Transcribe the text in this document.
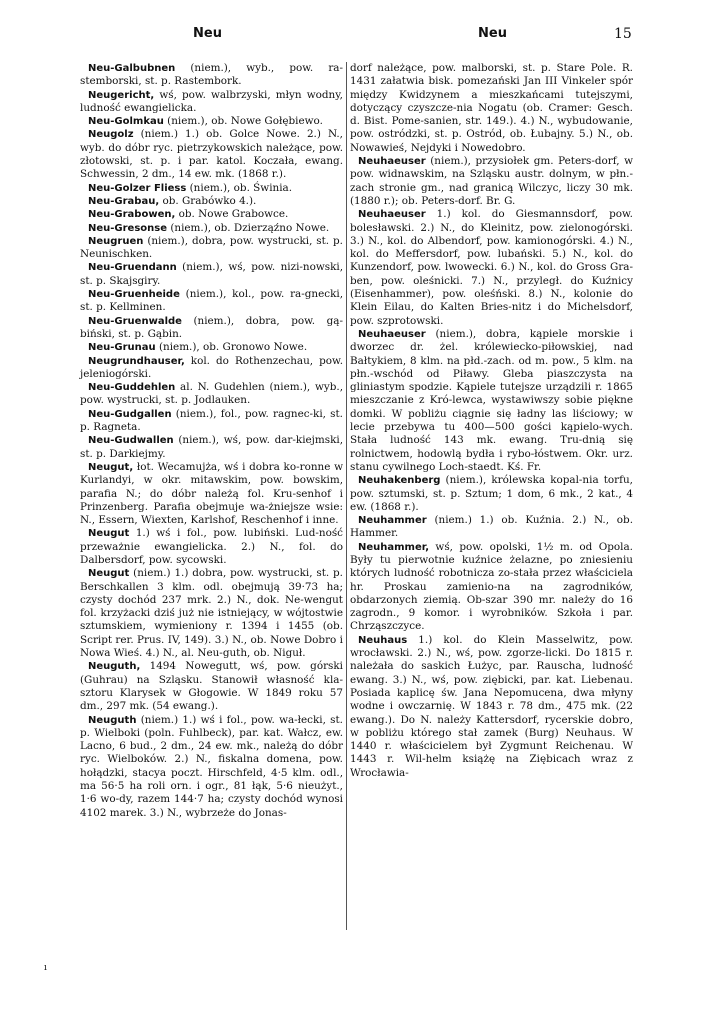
Neu	Neu	15

Neu-Galbubnen (niem.), wyb., pow. ra-stemborski, st. p. Rastembork.

Neugericht, wś, pow. walbrzyski, młyn wodny, ludność ewangielicka.

Neu-Golmkau (niem.), ob. Nowe Gołębiewo.

Neugolz (niem.) 1.) ob. Golce Nowe. 2.) N., wyb. do dóbr ryc. pietrzykowskich należące, pow. złotowski, st. p. i par. katol. Koczała, ewang. Schwessin, 2 dm., 14 ew. mk. (1868 r.).

Neu-Golzer Fliess (niem.), ob. Świnia.

Neu-Grabau, ob. Grabówko 4.).

Neu-Grabowen, ob. Nowe Grabowce.

Neu-Gresonse (niem.), ob. Dzierząźno Nowe.

Neugruen (niem.), dobra, pow. wystrucki, st. p. Neunischken.

Neu-Gruendann (niem.), wś, pow. nizi-nowski, st. p. Skajsgiry.

Neu-Gruenheide (niem.), kol., pow. ra-gnecki, st. p. Kellminen.

Neu-Gruenwalde (niem.), dobra, pow. gą-biński, st. p. Gąbin.

Neu-Grunau (niem.), ob. Gronowo Nowe.

Neugrundhauser, kol. do Rothenzechau, pow. jeleniogórski.

Neu-Guddehlen al. N. Gudehlen (niem.), wyb., pow. wystrucki, st. p. Jodlauken.

Neu-Gudgallen (niem.), fol., pow. ragnec-ki, st. p. Ragneta.

Neu-Gudwallen (niem.), wś, pow. dar-kiejmski, st. p. Darkiejmy.

Neugut, łot. Wecamujża, wś i dobra ko-ronne w Kurlandyi, w okr. mitawskim, pow. bowskim, parafia N.; do dóbr należą fol. Kru-senhof i Prinzenberg. Parafia obejmuje wa-żniejsze wsie: N., Essern, Wiexten, Karlshof, Reschenhof i inne.

Neugut 1.) wś i fol., pow. lubiński. Lud-ność przeważnie ewangielicka. 2.) N., fol. do Dalbersdorf, pow. sycowski.

Neugut (niem.) 1.) dobra, pow. wystrucki, st. p. Berschkallen 3 klm. odl. obejmują 39·73 ha; czysty dochód 237 mrk. 2.) N., dok. Ne-wengut fol. krzyżacki dziś już nie istniejący, w wójtostwie sztumskiem, wymieniony r. 1394 i 1455 (ob. Script rer. Prus. IV, 149). 3.) N., ob. Nowe Dobro i Nowa Wieś. 4.) N., al. Neu-guth, ob. Niguł.

Neuguth, 1494 Nowegutt, wś, pow. górski (Guhrau) na Szląsku. Stanowił własność kla-sztoru Klarysek w Głogowie. W 1849 roku 57 dm., 297 mk. (54 ewang.).

Neuguth (niem.) 1.) wś i fol., pow. wa-łecki, st. p. Wielboki (poln. Fuhlbeck), par. kat. Wałcz, ew. Lacno, 6 bud., 2 dm., 24 ew. mk., należą do dóbr ryc. Wielboków. 2.) N., fiskalna domena, pow. hołądzki, stacya poczt. Hirschfeld, 4·5 klm. odl., ma 56·5 ha roli orn. i ogr., 81 łąk, 5·6 nieużyt., 1·6 wo-dy, razem 144·7 ha; czysty dochód wynosi 4102 marek. 3.) N., wybrzeże do Jonas-

dorf należące, pow. malborski, st. p. Stare Pole. R. 1431 załatwia bisk. pomezański Jan III Vinkeler spór między Kwidzynem a mieszkańcami tutejszymi, dotyczący czyszcze-nia Nogatu (ob. Cramer: Gesch. d. Bist. Pome-sanien, str. 149.). 4.) N., wybudowanie, pow. ostródzki, st. p. Ostród, ob. Łubajny. 5.) N., ob. Nowawieś, Nejdyki i Nowedobro.

Neuhaeuser (niem.), przysiołek gm. Peters-dorf, w pow. widnawskim, na Szląsku austr. dolnym, w płn.-zach stronie gm., nad granicą Wilczyc, liczy 30 mk. (1880 r.); ob. Peters-dorf. Br. G.

Neuhaeuser 1.) kol. do Giesmannsdorf, pow. bolesławski. 2.) N., do Kleinitz, pow. zielonogórski. 3.) N., kol. do Albendorf, pow. kamionogórski. 4.) N., kol. do Meffersdorf, pow. lubański. 5.) N., kol. do Kunzendorf, pow. lwowecki. 6.) N., kol. do Gross Gra-ben, pow. oleśnicki. 7.) N., przyległ. do Kuźnicy (Eisenhammer), pow. oleśński. 8.) N., kolonie do Klein Eilau, do Kalten Bries-nitz i do Michelsdorf, pow. szprotowski.

Neuhaeuser (niem.), dobra, kąpiele morskie i dworzec dr. żel. królewiecko-piłowskiej, nad Bałtykiem, 8 klm. na płd.-zach. od m. pow., 5 klm. na płn.-wschód od Piławy. Gleba piaszczysta na gliniastym spodzie. Kąpiele tutejsze urządzili r. 1865 mieszczanie z Kró-lewca, wystawiwszy sobie piękne domki. W pobliżu ciągnie się ładny las liściowy; w lecie przebywa tu 400—500 gości kąpielo-wych. Stała ludność 143 mk. ewang. Tru-dnią się rolnictwem, hodowlą bydła i rybo-łóstwem. Okr. urz. stanu cywilnego Loch-staedt. Kś. Fr.

Neuhakenberg (niem.), królewska kopal-nia torfu, pow. sztumski, st. p. Sztum; 1 dom, 6 mk., 2 kat., 4 ew. (1868 r.).

Neuhammer (niem.) 1.) ob. Kuźnia. 2.) N., ob. Hammer.

Neuhammer, wś, pow. opolski, 1½ m. od Opola. Były tu pierwotnie kuźnice żelazne, po zniesieniu których ludność robotnicza zo-stała przez właściciela hr. Proskau zamienio-na na zagrodników, obdarzonych ziemią. Ob-szar 390 mr. należy do 16 zagrodn., 9 komor. i wyrobników. Szkoła i par. Chrząszczyce.

Neuhaus 1.) kol. do Klein Masselwitz, pow. wrocławski. 2.) N., wś, pow. zgorze-licki. Do 1815 r. należała do saskich Łużyc, par. Rauscha, ludność ewang. 3.) N., wś, pow. ziębicki, par. kat. Liebenau. Posiada kaplicę św. Jana Nepomucena, dwa młyny wodne i owczarnię. W 1843 r. 78 dm., 475 mk. (22 ewang.). Do N. należy Kattersdorf, rycerskie dobro, w pobliżu którego stał zamek (Burg) Neuhaus. W 1440 r. właścicielem był Zygmunt Reichenau. W 1443 r. Wil-helm książę na Ziębicach wraz z Wrocławia-

ı
